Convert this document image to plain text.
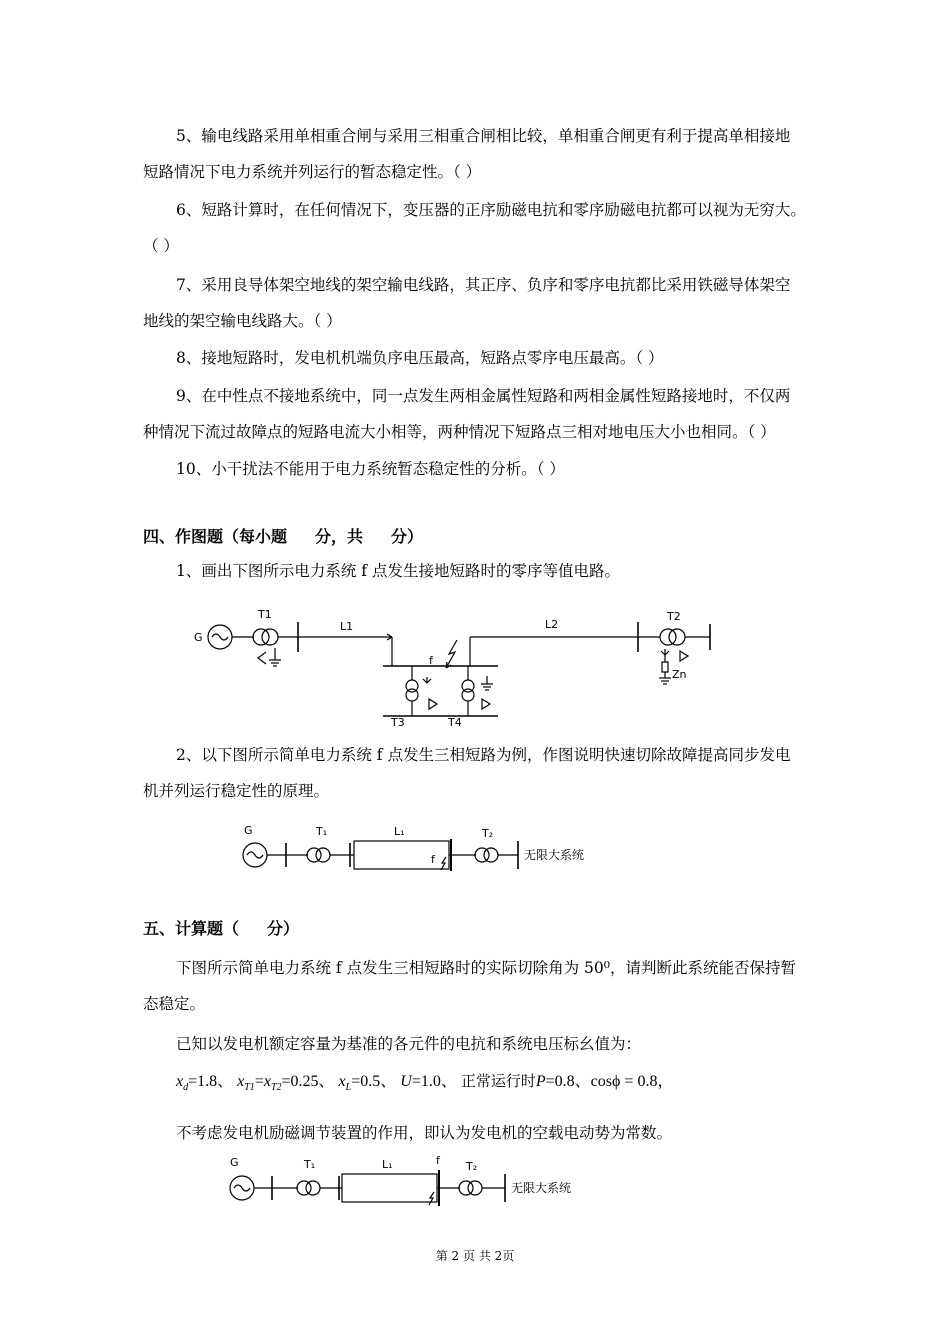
5、输电线路采用单相重合闸与采用三相重合闸相比较，单相重合闸更有利于提高单相接地
短路情况下电力系统并列运行的暂态稳定性。（ ）
6、短路计算时，在任何情况下，变压器的正序励磁电抗和零序励磁电抗都可以视为无穷大。
（ ）
7、采用良导体架空地线的架空输电线路，其正序、负序和零序电抗都比采用铁磁导体架空
地线的架空输电线路大。（ ）
8、接地短路时，发电机机端负序电压最高，短路点零序电压最高。（ ）
9、在中性点不接地系统中，同一点发生两相金属性短路和两相金属性短路接地时，不仅两
种情况下流过故障点的短路电流大小相等，两种情况下短路点三相对地电压大小也相同。（ ）
10、小干扰法不能用于电力系统暂态稳定性的分析。（ ）
四、作图题（每小题 分，共 分）
1、画出下图所示电力系统 f 点发生接地短路时的零序等值电路。
G
T1
L1	L2
T2
f
T3	T4
Zn
2、以下图所示简单电力系统 f 点发生三相短路为例，作图说明快速切除故障提高同步发电
机并列运行稳定性的原理。
G	T₁	L₁	T₂
f	无限大系统
五、计算题（ 分）
下图所示简单电力系统 f 点发生三相短路时的实际切除角为 50⁰，请判断此系统能否保持暂
态稳定。
已知以发电机额定容量为基准的各元件的电抗和系统电压标幺值为：
$x_d=1.8$、 $x_{T1}=x_{T2}=0.25$、 $x_L=0.5$、 U=1.0、 正常运行时P=0.8、cosϕ = 0.8，
不考虑发电机励磁调节装置的作用，即认为发电机的空载电动势为常数。
G	T₁	L₁	f T₂
无限大系统
第 2 页 共 2页
